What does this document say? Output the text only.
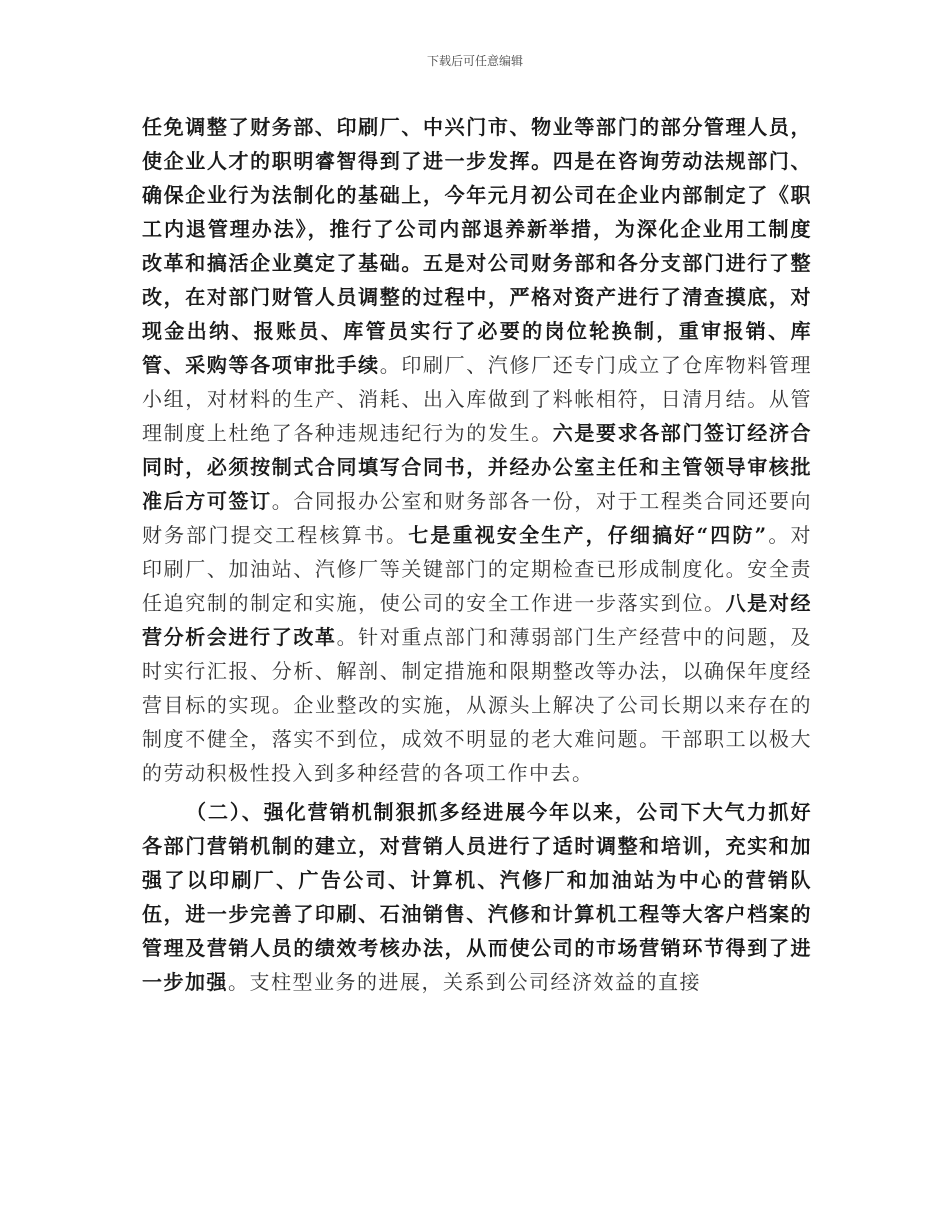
下载后可任意编辑

任免调整了财务部、印刷厂、中兴门市、物业等部门的部分管理人员，使企业人才的职明睿智得到了进一步发挥。四是在咨询劳动法规部门、确保企业行为法制化的基础上，今年元月初公司在企业内部制定了《职工内退管理办法》，推行了公司内部退养新举措，为深化企业用工制度改革和搞活企业奠定了基础。五是对公司财务部和各分支部门进行了整改，在对部门财管人员调整的过程中，严格对资产进行了清查摸底，对现金出纳、报账员、库管员实行了必要的岗位轮换制，重审报销、库管、采购等各项审批手续。印刷厂、汽修厂还专门成立了仓库物料管理小组，对材料的生产、消耗、出入库做到了料帐相符，日清月结。从管理制度上杜绝了各种违规违纪行为的发生。六是要求各部门签订经济合同时，必须按制式合同填写合同书，并经办公室主任和主管领导审核批准后方可签订。合同报办公室和财务部各一份，对于工程类合同还要向财务部门提交工程核算书。七是重视安全生产，仔细搞好“四防”。对印刷厂、加油站、汽修厂等关键部门的定期检查已形成制度化。安全责任追究制的制定和实施，使公司的安全工作进一步落实到位。八是对经营分析会进行了改革。针对重点部门和薄弱部门生产经营中的问题，及时实行汇报、分析、解剖、制定措施和限期整改等办法，以确保年度经营目标的实现。企业整改的实施，从源头上解决了公司长期以来存在的制度不健全，落实不到位，成效不明显的老大难问题。干部职工以极大的劳动积极性投入到多种经营的各项工作中去。

（二）、强化营销机制狠抓多经进展今年以来，公司下大气力抓好各部门营销机制的建立，对营销人员进行了适时调整和培训，充实和加强了以印刷厂、广告公司、计算机、汽修厂和加油站为中心的营销队伍，进一步完善了印刷、石油销售、汽修和计算机工程等大客户档案的管理及营销人员的绩效考核办法，从而使公司的市场营销环节得到了进一步加强。支柱型业务的进展，关系到公司经济效益的直接
